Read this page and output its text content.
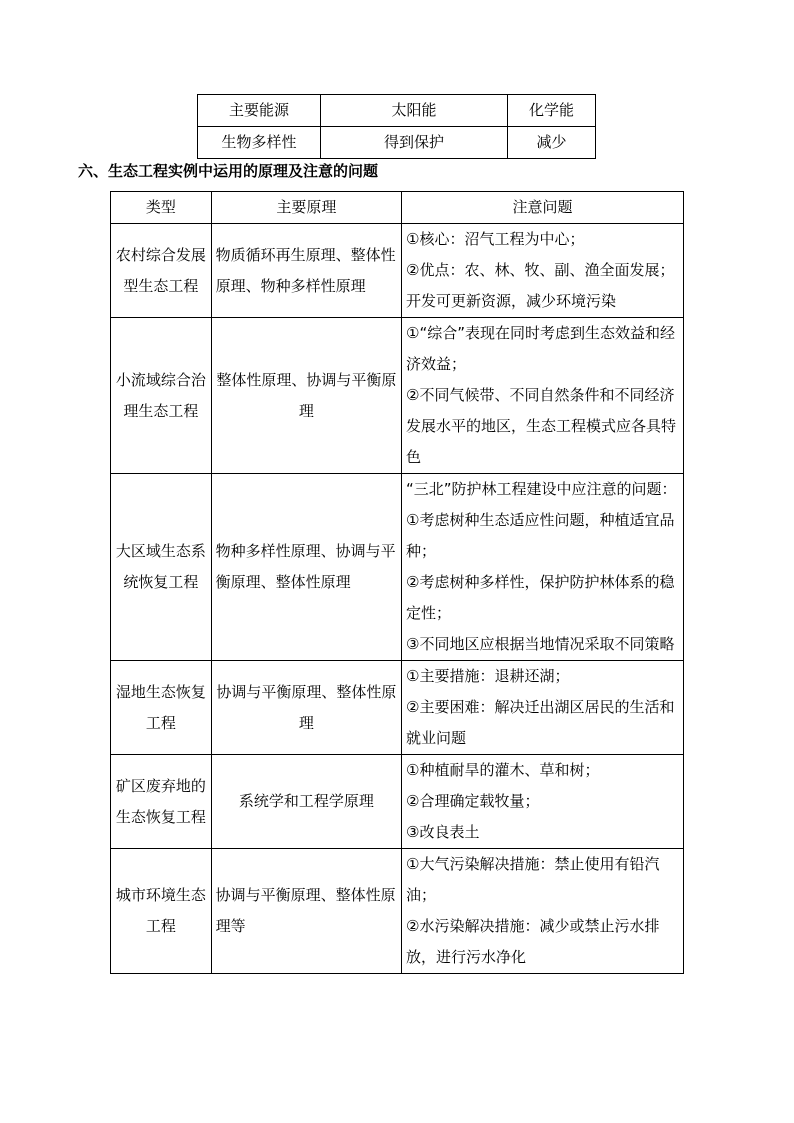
主要能源	太阳能	化学能
生物多样性	得到保护	减少
六、生态工程实例中运用的原理及注意的问题
类型	主要原理	注意问题
农村综合发展型生态工程	物质循环再生原理、整体性原理、物种多样性原理	①核心：沼气工程为中心；
②优点：农、林、牧、副、渔全面发展；开发可更新资源，减少环境污染

小流域综合治理生态工程	整体性原理、协调与平衡原理	①“综合”表现在同时考虑到生态效益和经济效益；
②不同气候带、不同自然条件和不同经济发展水平的地区，生态工程模式应各具特色

大区域生态系统恢复工程	物种多样性原理、协调与平衡原理、整体性原理	“三北”防护林工程建设中应注意的问题：①考虑树种生态适应性问题，种植适宜品种；
②考虑树种多样性，保护防护林体系的稳定性；
③不同地区应根据当地情况采取不同策略

湿地生态恢复工程	协调与平衡原理、整体性原理	①主要措施：退耕还湖；
②主要困难：解决迁出湖区居民的生活和就业问题

矿区废弃地的生态恢复工程	系统学和工程学原理	①种植耐旱的灌木、草和树；
②合理确定载牧量；
③改良表土

城市环境生态工程	协调与平衡原理、整体性原理等	①大气污染解决措施：禁止使用有铅汽油；
②水污染解决措施：减少或禁止污水排放，进行污水净化
